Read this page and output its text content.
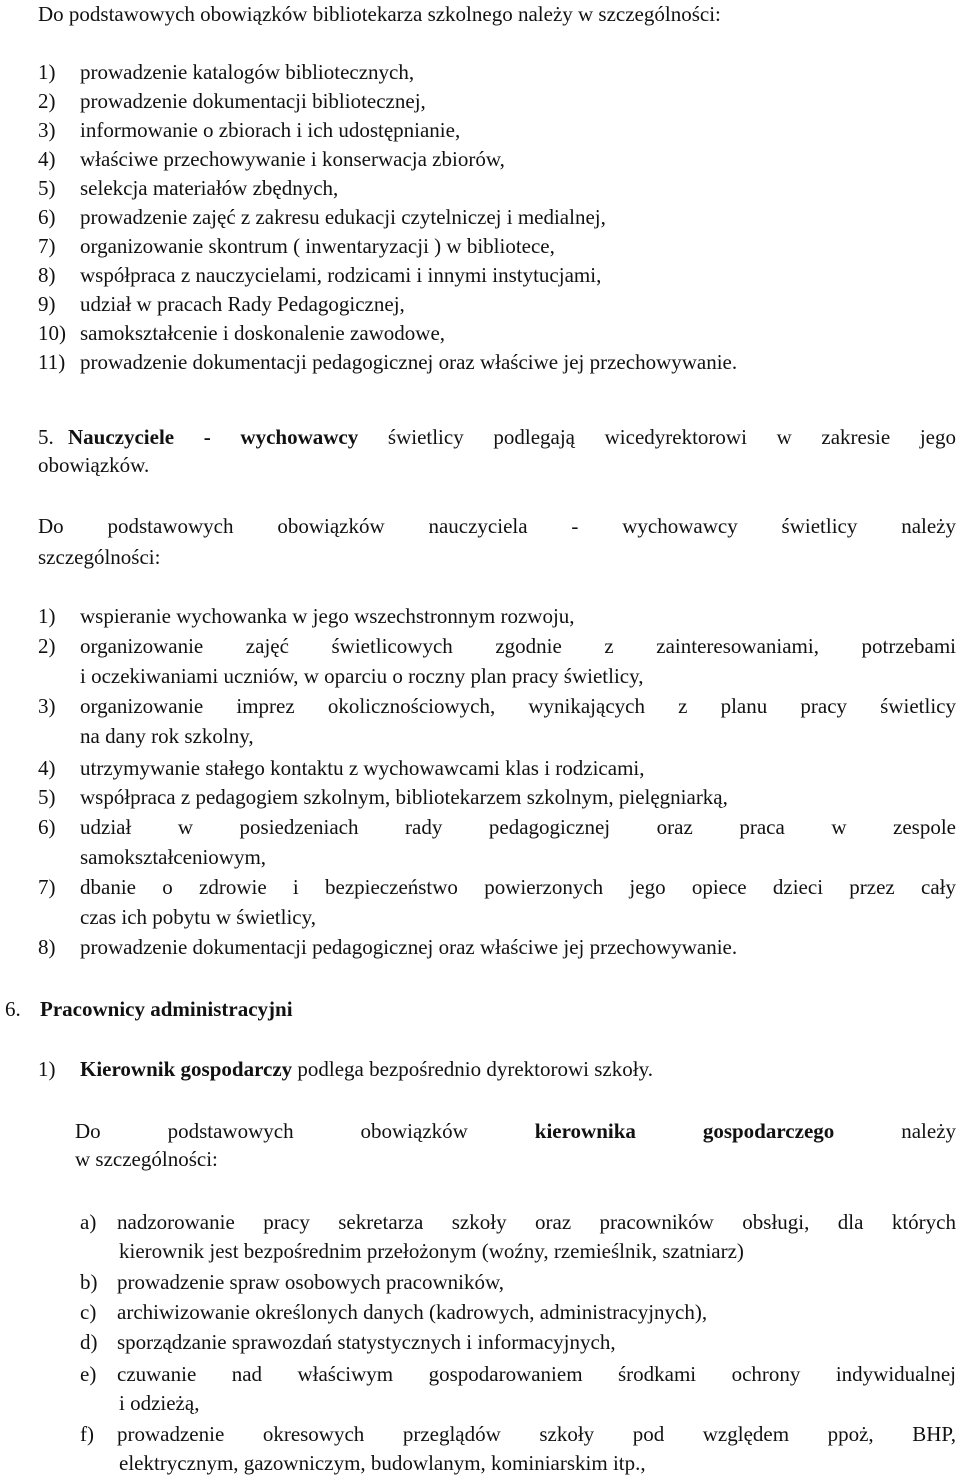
Do podstawowych obowiązków bibliotekarza szkolnego należy w szczególności:
1) prowadzenie katalogów bibliotecznych,
2) prowadzenie dokumentacji bibliotecznej,
3) informowanie o zbiorach i ich udostępnianie,
4) właściwe przechowywanie i konserwacja zbiorów,
5) selekcja materiałów zbędnych,
6) prowadzenie zajęć z zakresu edukacji czytelniczej i medialnej,
7) organizowanie skontrum ( inwentaryzacji ) w bibliotece,
8) współpraca z nauczycielami, rodzicami i innymi instytucjami,
9) udział w pracach Rady Pedagogicznej,
10) samokształcenie i doskonalenie zawodowe,
11) prowadzenie dokumentacji pedagogicznej oraz właściwe jej przechowywanie.
5. Nauczyciele - wychowawcy świetlicy podlegają wicedyrektorowi w zakresie jego
obowiązków.
Do podstawowych obowiązków nauczyciela - wychowawcy świetlicy należy
szczególności:
1) wspieranie wychowanka w jego wszechstronnym rozwoju,
2) organizowanie zajęć świetlicowych zgodnie z zainteresowaniami, potrzebami
i oczekiwaniami uczniów, w oparciu o roczny plan pracy świetlicy,
3) organizowanie imprez okolicznościowych, wynikających z planu pracy świetlicy
na dany rok szkolny,
4) utrzymywanie stałego kontaktu z wychowawcami klas i rodzicami,
5) współpraca z pedagogiem szkolnym, bibliotekarzem szkolnym, pielęgniarką,
6) udział w posiedzeniach rady pedagogicznej oraz praca w zespole
samokształceniowym,
7) dbanie o zdrowie i bezpieczeństwo powierzonych jego opiece dzieci przez cały
czas ich pobytu w świetlicy,
8) prowadzenie dokumentacji pedagogicznej oraz właściwe jej przechowywanie.
6. Pracownicy administracyjni
1) Kierownik gospodarczy podlega bezpośrednio dyrektorowi szkoły.
Do podstawowych obowiązków	kierownika gospodarczego	należy
w szczególności:
a) nadzorowanie pracy sekretarza szkoły oraz pracowników obsługi, dla których
kierownik jest bezpośrednim przełożonym (woźny, rzemieślnik, szatniarz)
b) prowadzenie spraw osobowych pracowników,
c) archiwizowanie określonych danych (kadrowych, administracyjnych),
d) sporządzanie sprawozdań statystycznych i informacyjnych,
e) czuwanie nad właściwym gospodarowaniem środkami ochrony indywidualnej
i odzieżą,
f) prowadzenie okresowych przeglądów szkoły pod względem ppoż, BHP,
elektrycznym, gazowniczym, budowlanym, kominiarskim itp.,
